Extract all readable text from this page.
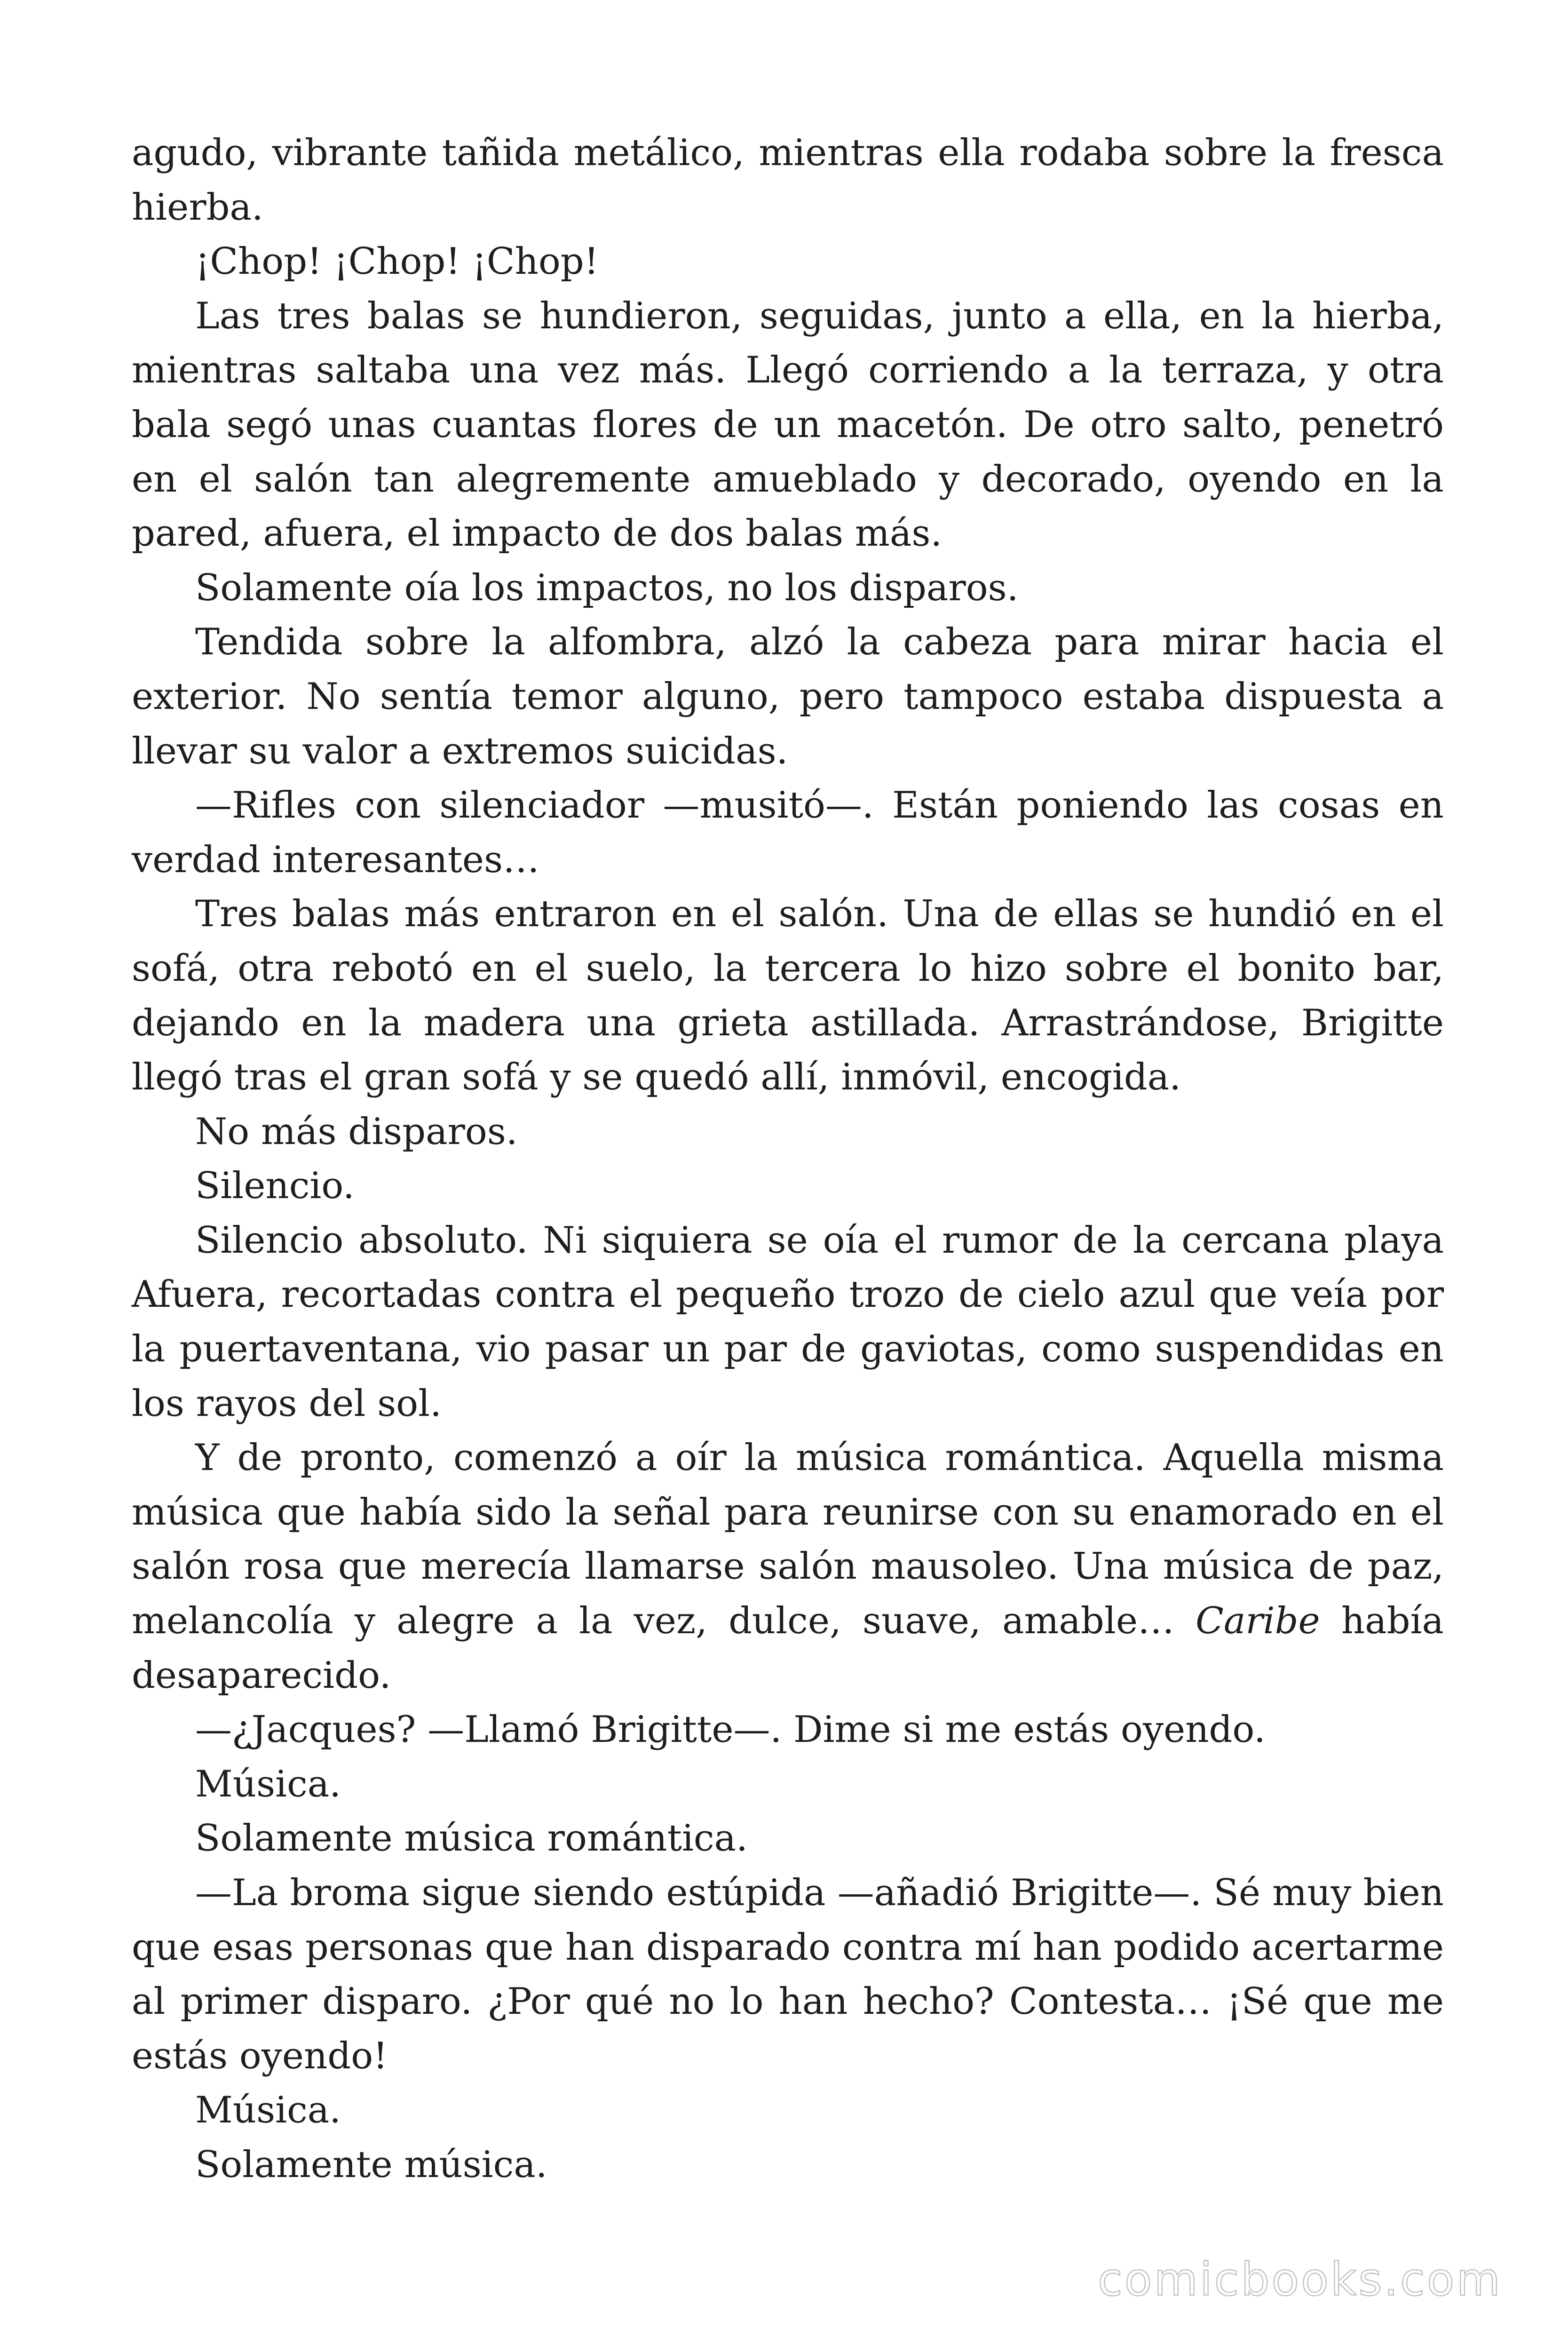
agudo, vibrante tañida metálico, mientras ella rodaba sobre la fresca hierba.

¡Chop! ¡Chop! ¡Chop!

Las tres balas se hundieron, seguidas, junto a ella, en la hierba, mientras saltaba una vez más. Llegó corriendo a la terraza, y otra bala segó unas cuantas flores de un macetón. De otro salto, penetró en el salón tan alegremente amueblado y decorado, oyendo en la pared, afuera, el impacto de dos balas más.

Solamente oía los impactos, no los disparos.

Tendida sobre la alfombra, alzó la cabeza para mirar hacia el exterior. No sentía temor alguno, pero tampoco estaba dispuesta a llevar su valor a extremos suicidas.

—Rifles con silenciador —musitó—. Están poniendo las cosas en verdad interesantes…

Tres balas más entraron en el salón. Una de ellas se hundió en el sofá, otra rebotó en el suelo, la tercera lo hizo sobre el bonito bar, dejando en la madera una grieta astillada. Arrastrándose, Brigitte llegó tras el gran sofá y se quedó allí, inmóvil, encogida.

No más disparos.

Silencio.

Silencio absoluto. Ni siquiera se oía el rumor de la cercana playa Afuera, recortadas contra el pequeño trozo de cielo azul que veía por la puertaventana, vio pasar un par de gaviotas, como suspendidas en los rayos del sol.

Y de pronto, comenzó a oír la música romántica. Aquella misma música que había sido la señal para reunirse con su enamorado en el salón rosa que merecía llamarse salón mausoleo. Una música de paz, melancolía y alegre a la vez, dulce, suave, amable… Caribe había desaparecido.

—¿Jacques? —Llamó Brigitte—. Dime si me estás oyendo.

Música.

Solamente música romántica.

—La broma sigue siendo estúpida —añadió Brigitte—. Sé muy bien que esas personas que han disparado contra mí han podido acertarme al primer disparo. ¿Por qué no lo han hecho? Contesta… ¡Sé que me estás oyendo!

Música.

Solamente música.

comicbooks.com
